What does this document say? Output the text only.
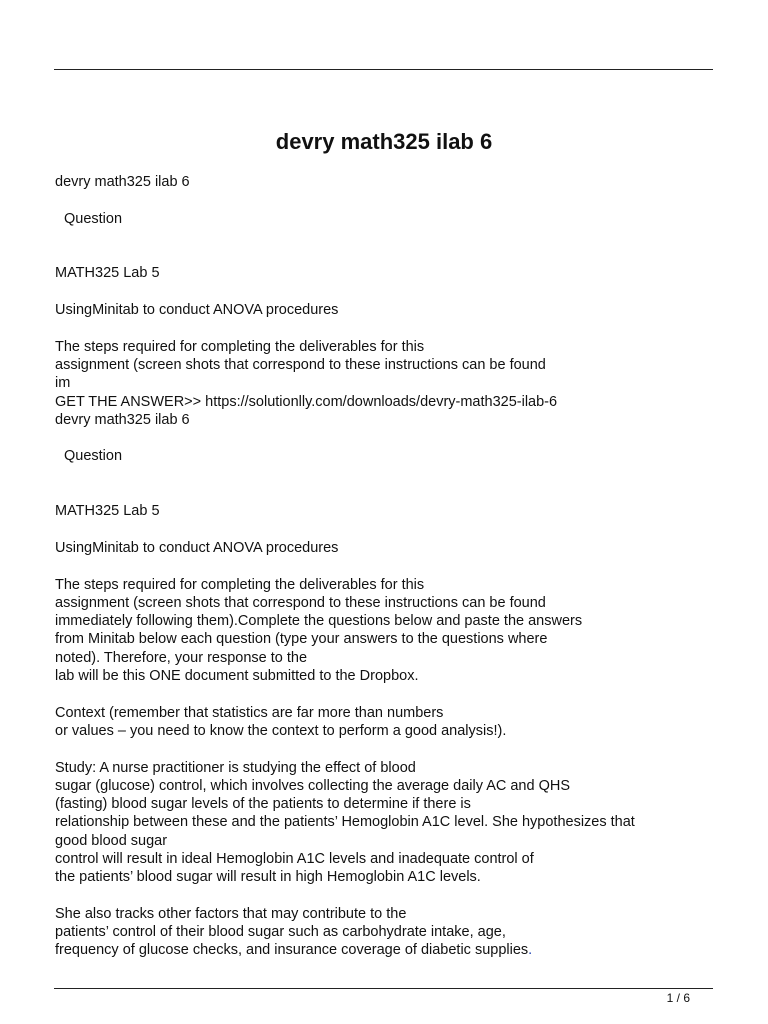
devry math325 ilab 6

devry math325 ilab 6

Question

MATH325 Lab 5

UsingMinitab to conduct ANOVA procedures

The steps required for completing the deliverables for this
assignment (screen shots that correspond to these instructions can be found
im
GET THE ANSWER>> https://solutionlly.com/downloads/devry-math325-ilab-6
devry math325 ilab 6

Question

MATH325 Lab 5

UsingMinitab to conduct ANOVA procedures

The steps required for completing the deliverables for this
assignment (screen shots that correspond to these instructions can be found
immediately following them).Complete the questions below and paste the answers
from Minitab below each question (type your answers to the questions where
noted). Therefore, your response to the
lab will be this ONE document submitted to the Dropbox.

Context (remember that statistics are far more than numbers
or values – you need to know the context to perform a good analysis!).

Study: A nurse practitioner is studying the effect of blood
sugar (glucose) control, which involves collecting the average daily AC and QHS
(fasting) blood sugar levels of the patients to determine if there is
relationship between these and the patients’ Hemoglobin A1C level. She hypothesizes that
good blood sugar
control will result in ideal Hemoglobin A1C levels and inadequate control of
the patients’ blood sugar will result in high Hemoglobin A1C levels.

She also tracks other factors that may contribute to the
patients’ control of their blood sugar such as carbohydrate intake, age,
frequency of glucose checks, and insurance coverage of diabetic supplies.

1 / 6
